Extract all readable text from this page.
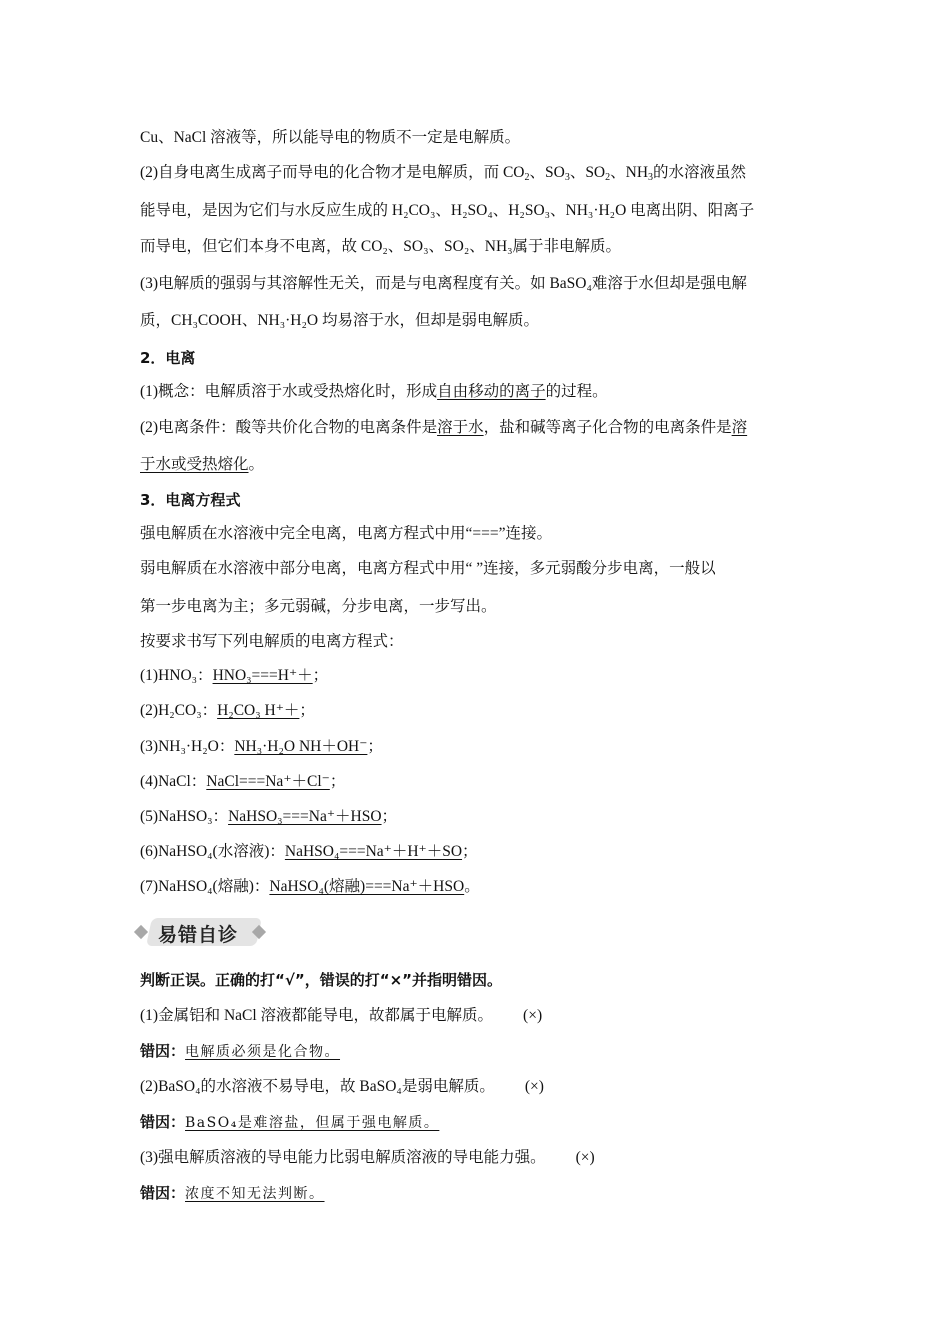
Cu、NaCl 溶液等，所以能导电的物质不一定是电解质。
(2)自身电离生成离子而导电的化合物才是电解质，而 $CO_2$、$SO_3$、$SO_2$、$NH_3$的水溶液虽然
能导电，是因为它们与水反应生成的 H₂CO₃、H₂SO₄、H₂SO₃、NH₃·H₂O 电离出阴、阳离子
而导电，但它们本身不电离，故 CO₂、SO₃、SO₂、NH₃属于非电解质。
(3)电解质的强弱与其溶解性无关，而是与电离程度有关。如 BaSO₄难溶于水但却是强电解
质，CH₃COOH、NH₃·H₂O 均易溶于水，但却是弱电解质。
2．电离
(1)概念：电解质溶于水或受热熔化时，形成自由移动的离子的过程。
(2)电离条件：酸等共价化合物的电离条件是溶于水，盐和碱等离子化合物的电离条件是溶
于水或受热熔化。
3．电离方程式
强电解质在水溶液中完全电离，电离方程式中用“===”连接。
弱电解质在水溶液中部分电离，电离方程式中用“ ”连接，多元弱酸分步电离，一般以
第一步电离为主；多元弱碱，分步电离，一步写出。
按要求书写下列电解质的电离方程式：
(1)HNO₃：HNO₃===H⁺＋；
(2)H₂CO₃：H₂CO₃ H⁺＋；
(3)NH₃·H₂O：NH₃·H₂O NH＋OH⁻；
(4)NaCl：NaCl===Na⁺＋Cl⁻；
(5)NaHSO₃：NaHSO₃===Na⁺＋HSO；
(6)NaHSO₄(水溶液)：NaHSO₄===Na⁺＋H⁺＋SO；
(7)NaHSO₄(熔融)：NaHSO₄(熔融)===Na⁺＋HSO。
易错自诊
判断正误。正确的打“√”，错误的打“×”并指明错因。
(1)金属铝和 NaCl 溶液都能导电，故都属于电解质。 (×)
错因：电解质必须是化合物。
(2)BaSO₄的水溶液不易导电，故 BaSO₄是弱电解质。 (×)
错因：BaSO₄是难溶盐，但属于强电解质。
(3)强电解质溶液的导电能力比弱电解质溶液的导电能力强。 (×)
错因：浓度不知无法判断。
